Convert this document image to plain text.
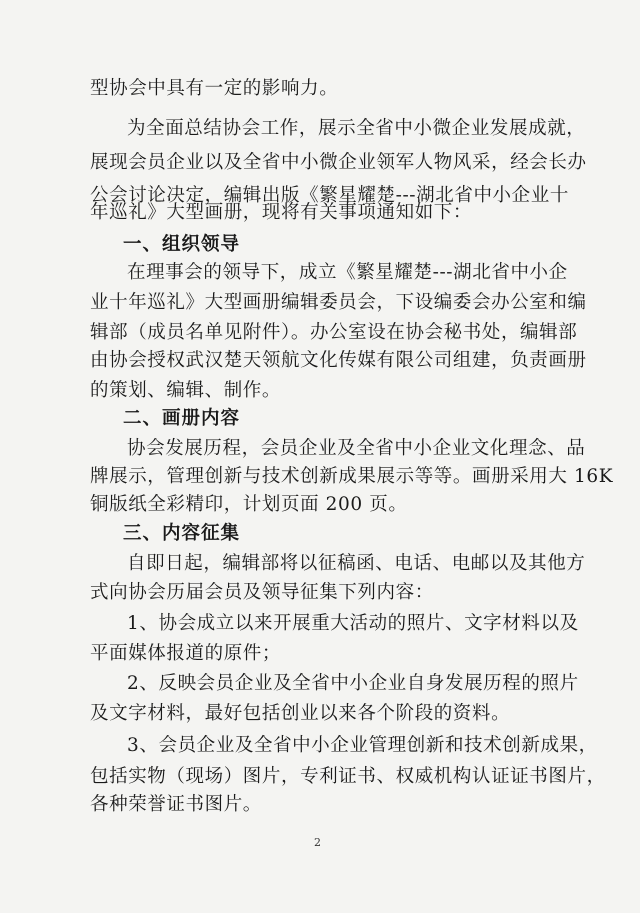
型协会中具有一定的影响力。
为全面总结协会工作，展示全省中小微企业发展成就，
展现会员企业以及全省中小微企业领军人物风采，经会长办
公会讨论决定，编辑出版《繁星耀楚---湖北省中小企业十
年巡礼》大型画册，现将有关事项通知如下：
一、组织领导
在理事会的领导下，成立《繁星耀楚---湖北省中小企
业十年巡礼》大型画册编辑委员会，下设编委会办公室和编
辑部（成员名单见附件）。办公室设在协会秘书处，编辑部
由协会授权武汉楚天领航文化传媒有限公司组建，负责画册
的策划、编辑、制作。
二、画册内容
协会发展历程，会员企业及全省中小企业文化理念、品
牌展示，管理创新与技术创新成果展示等等。画册采用大 16K
铜版纸全彩精印，计划页面 200 页。
三、内容征集
自即日起，编辑部将以征稿函、电话、电邮以及其他方
式向协会历届会员及领导征集下列内容：
1、协会成立以来开展重大活动的照片、文字材料以及
平面媒体报道的原件；
2、反映会员企业及全省中小企业自身发展历程的照片
及文字材料，最好包括创业以来各个阶段的资料。
3、会员企业及全省中小企业管理创新和技术创新成果，
包括实物（现场）图片，专利证书、权威机构认证证书图片，
各种荣誉证书图片。
2
